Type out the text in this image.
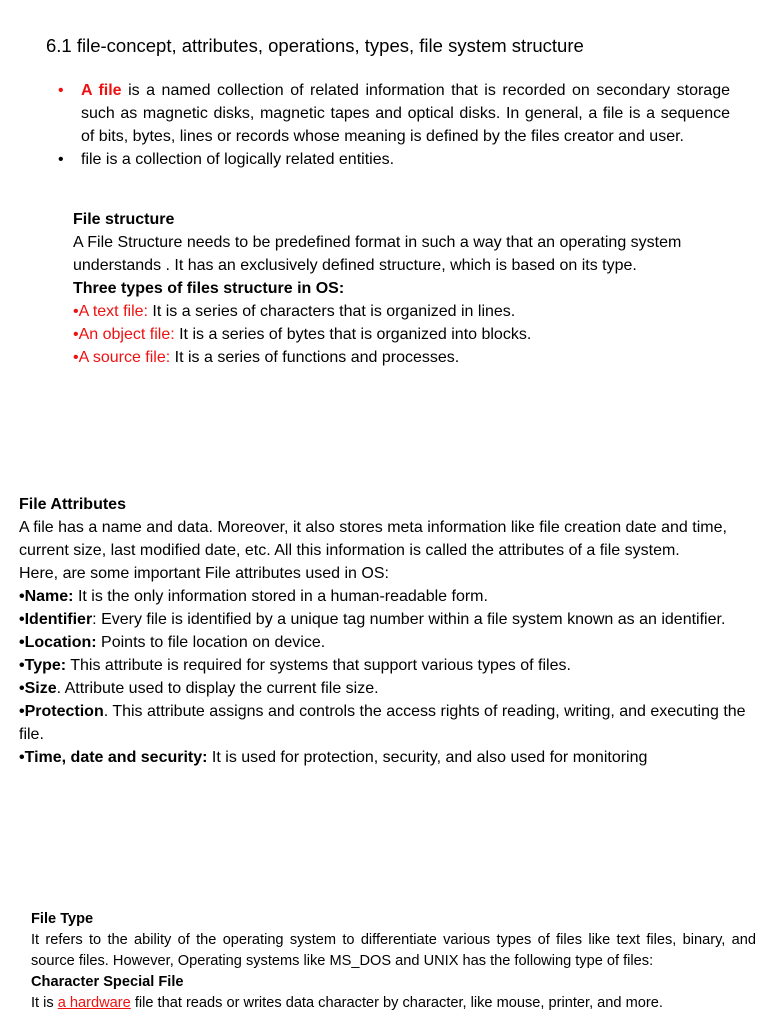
6.1 file-concept, attributes, operations, types, file system structure
• A file is a named collection of related information that is recorded on secondary storage such as magnetic disks, magnetic tapes and optical disks. In general, a file is a sequence of bits, bytes, lines or records whose meaning is defined by the files creator and user.
• file is a collection of logically related entities.

File structure

A File Structure needs to be predefined format in such a way that an operating system understands . It has an exclusively defined structure, which is based on its type.

Three types of files structure in OS:

•A text file: It is a series of characters that is organized in lines.

•An object file: It is a series of bytes that is organized into blocks.

•A source file: It is a series of functions and processes.

File Attributes

A file has a name and data. Moreover, it also stores meta information like file creation date and time, current size, last modified date, etc. All this information is called the attributes of a file system.

Here, are some important File attributes used in OS:

•Name: It is the only information stored in a human-readable form.

•Identifier: Every file is identified by a unique tag number within a file system known as an identifier.

•Location: Points to file location on device.

•Type: This attribute is required for systems that support various types of files.

•Size. Attribute used to display the current file size.

•Protection. This attribute assigns and controls the access rights of reading, writing, and executing the file.

•Time, date and security: It is used for protection, security, and also used for monitoring

File Type

It refers to the ability of the operating system to differentiate various types of files like text files, binary, and source files. However, Operating systems like MS_DOS and UNIX has the following type of files:

Character Special File

It is a hardware file that reads or writes data character by character, like mouse, printer, and more.
